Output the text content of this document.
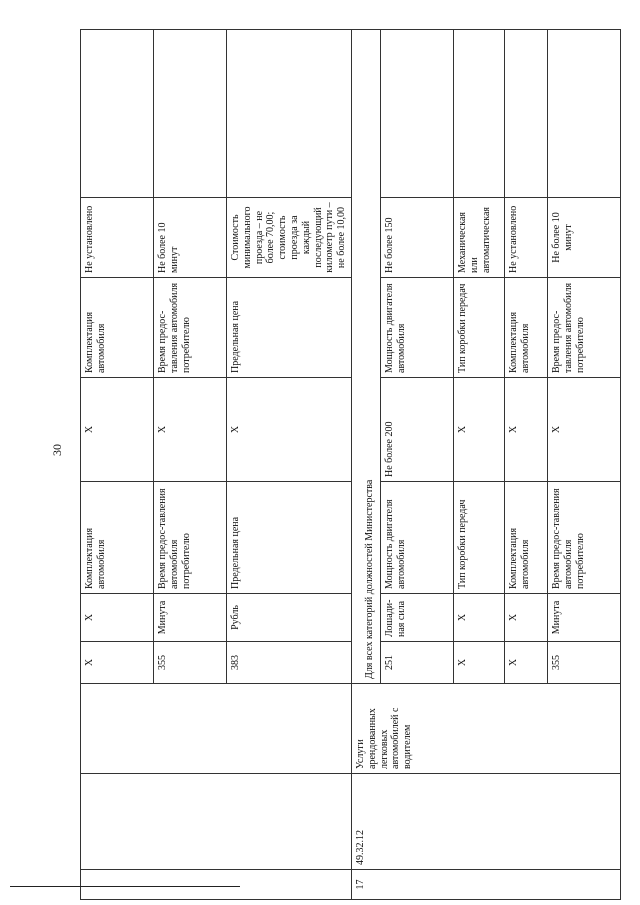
30
			Х	Х	Комплектация автомобиля	Х	Комплектация автомобиля	Не установлено	
			355	Минута	Время предос-тавления автомобиля потребителю	Х	Время предос-тавления автомобиля потребителю	Не более 10 минут	
			383	Рубль	Предельная цена	Х	Предельная цена	Стоимость минимального проезда – не более 70,00; стоимость проезда за каждый последующий километр пути – не более 10,00	
17	49.32.12	Услуги арендованных легковых автомобилей с водителем							
			Для всех категорий должностей Министерства						
			251	Лошади-ная сила	Мощность двигателя автомобиля	Не более 200	Мощность двигателя автомобиля	Не более 150	
			Х	Х	Тип коробки передач	Х	Тип коробки передач	Механическая или автоматическая	
			Х	Х	Комплектация автомобиля	Х	Комплектация автомобиля	Не установлено	
			355	Минута	Время предос-тавления автомобиля потребителю	Х	Время предос-тавления автомобиля потребителю	Не более 10 минут	
